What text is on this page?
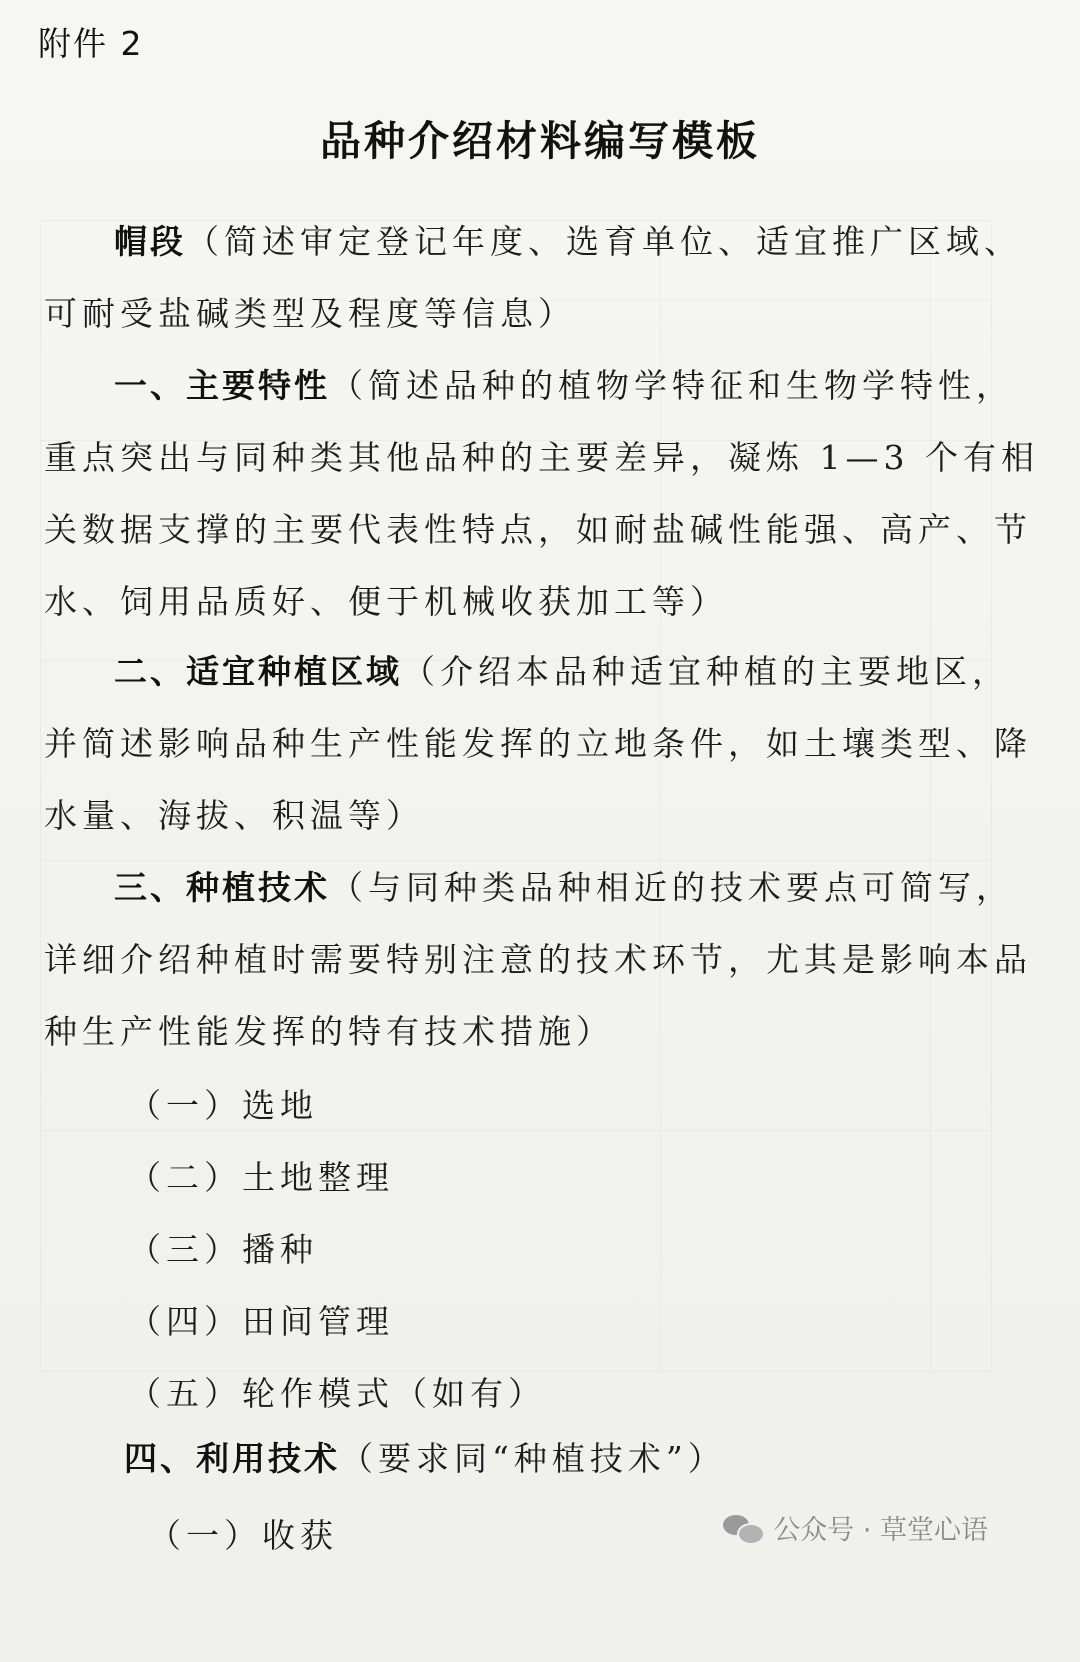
附件 2
品种介绍材料编写模板
帽段（简述审定登记年度、选育单位、适宜推广区域、可耐受盐碱类型及程度等信息）
一、主要特性（简述品种的植物学特征和生物学特性，重点突出与同种类其他品种的主要差异，凝炼 1—3 个有相关数据支撑的主要代表性特点，如耐盐碱性能强、高产、节水、饲用品质好、便于机械收获加工等）
二、适宜种植区域（介绍本品种适宜种植的主要地区，并简述影响品种生产性能发挥的立地条件，如土壤类型、降水量、海拔、积温等）
三、种植技术（与同种类品种相近的技术要点可简写，详细介绍种植时需要特别注意的技术环节，尤其是影响本品种生产性能发挥的特有技术措施）
（一）选地
（二）土地整理
（三）播种
（四）田间管理
（五）轮作模式（如有）
四、利用技术（要求同“种植技术”）
（一）收获	公众号 · 草堂心语
